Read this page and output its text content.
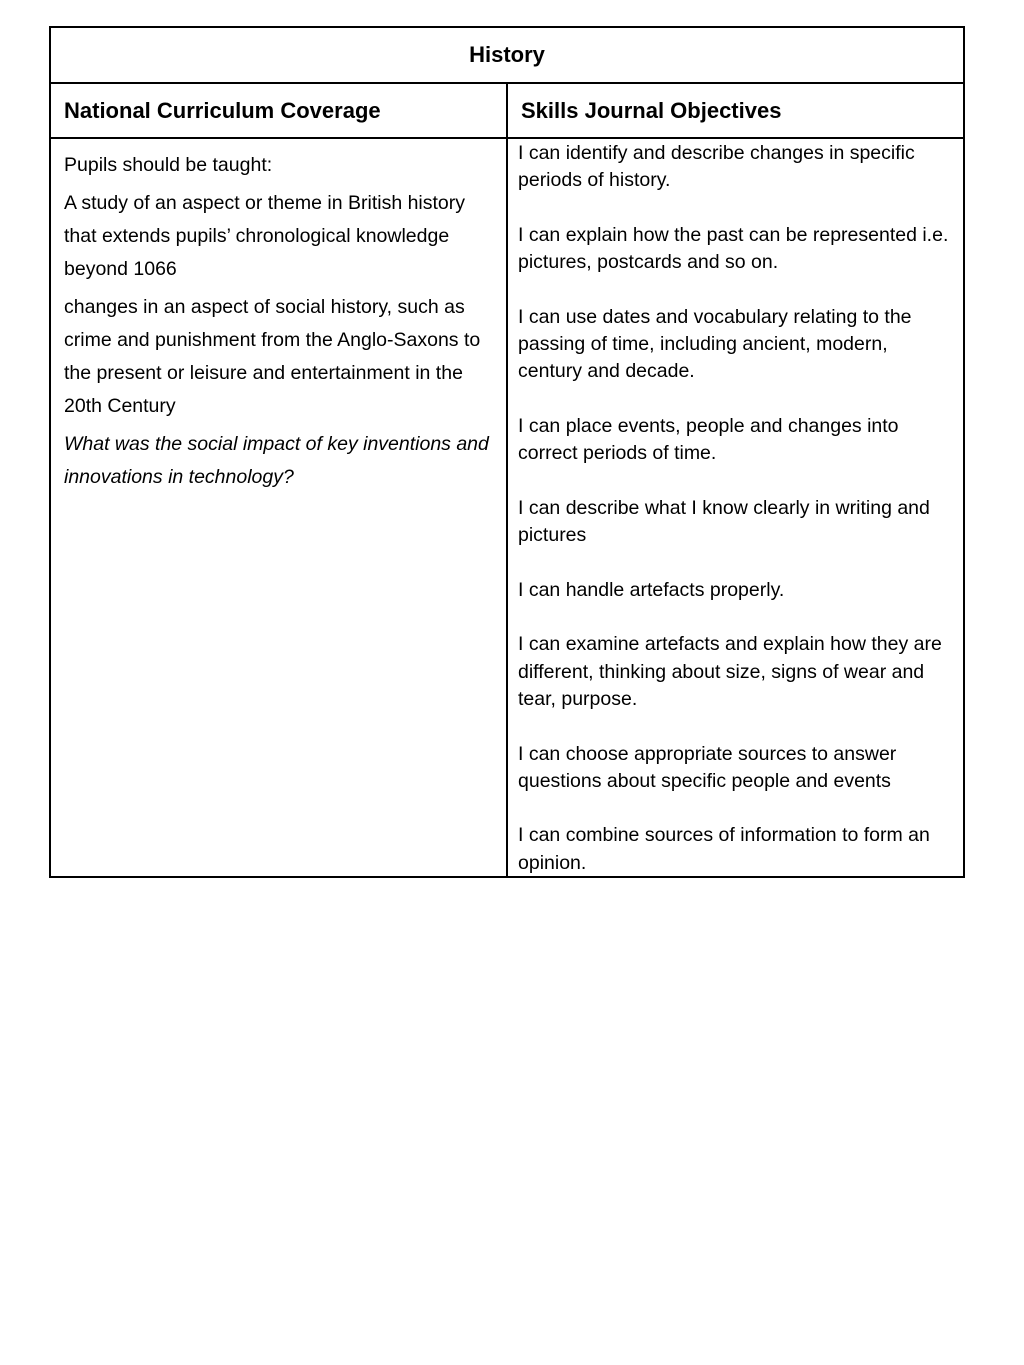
History
National Curriculum Coverage	Skills Journal Objectives

Pupils should be taught:

A study of an aspect or theme in British history that extends pupils’ chronological knowledge beyond 1066

changes in an aspect of social history, such as crime and punishment from the Anglo-Saxons to the present or leisure and entertainment in the 20th Century

What was the social impact of key inventions and innovations in technology?

I can identify and describe changes in specific periods of history.

I can explain how the past can be represented i.e. pictures, postcards and so on.

I can use dates and vocabulary relating to the passing of time, including ancient, modern, century and decade.

I can place events, people and changes into correct periods of time.

I can describe what I know clearly in writing and pictures

I can handle artefacts properly.

I can examine artefacts and explain how they are different, thinking about size, signs of wear and tear, purpose.

I can choose appropriate sources to answer questions about specific people and events

I can combine sources of information to form an opinion.
